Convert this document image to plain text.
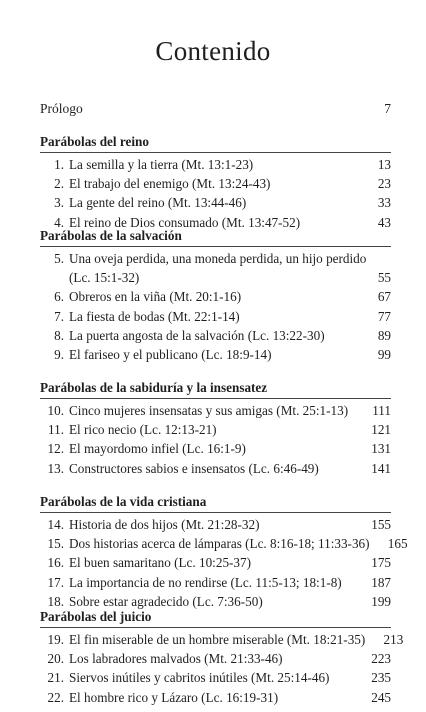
Contenido
Prólogo	7
Parábolas del reino
1. La semilla y la tierra (Mt. 13:1-23)	13
2. El trabajo del enemigo (Mt. 13:24-43)	23
3. La gente del reino (Mt. 13:44-46)	33
4. El reino de Dios consumado (Mt. 13:47-52)	43
Parábolas de la salvación
5. Una oveja perdida, una moneda perdida, un hijo perdido
(Lc. 15:1-32)	55
6. Obreros en la viña (Mt. 20:1-16)	67
7. La fiesta de bodas (Mt. 22:1-14)	77
8. La puerta angosta de la salvación (Lc. 13:22-30)	89
9. El fariseo y el publicano (Lc. 18:9-14)	99
Parábolas de la sabiduría y la insensatez
10. Cinco mujeres insensatas y sus amigas (Mt. 25:1-13)	111
11. El rico necio (Lc. 12:13-21)	121
12. El mayordomo infiel (Lc. 16:1-9)	131
13. Constructores sabios e insensatos (Lc. 6:46-49)	141
Parábolas de la vida cristiana
14. Historia de dos hijos (Mt. 21:28-32)	155
15. Dos historias acerca de lámparas (Lc. 8:16-18; 11:33-36)	165
16. El buen samaritano (Lc. 10:25-37)	175
17. La importancia de no rendirse (Lc. 11:5-13; 18:1-8)	187
18. Sobre estar agradecido (Lc. 7:36-50)	199
Parábolas del juicio
19. El fin miserable de un hombre miserable (Mt. 18:21-35)	213
20. Los labradores malvados (Mt. 21:33-46)	223
21. Siervos inútiles y cabritos inútiles (Mt. 25:14-46)	235
22. El hombre rico y Lázaro (Lc. 16:19-31)	245
